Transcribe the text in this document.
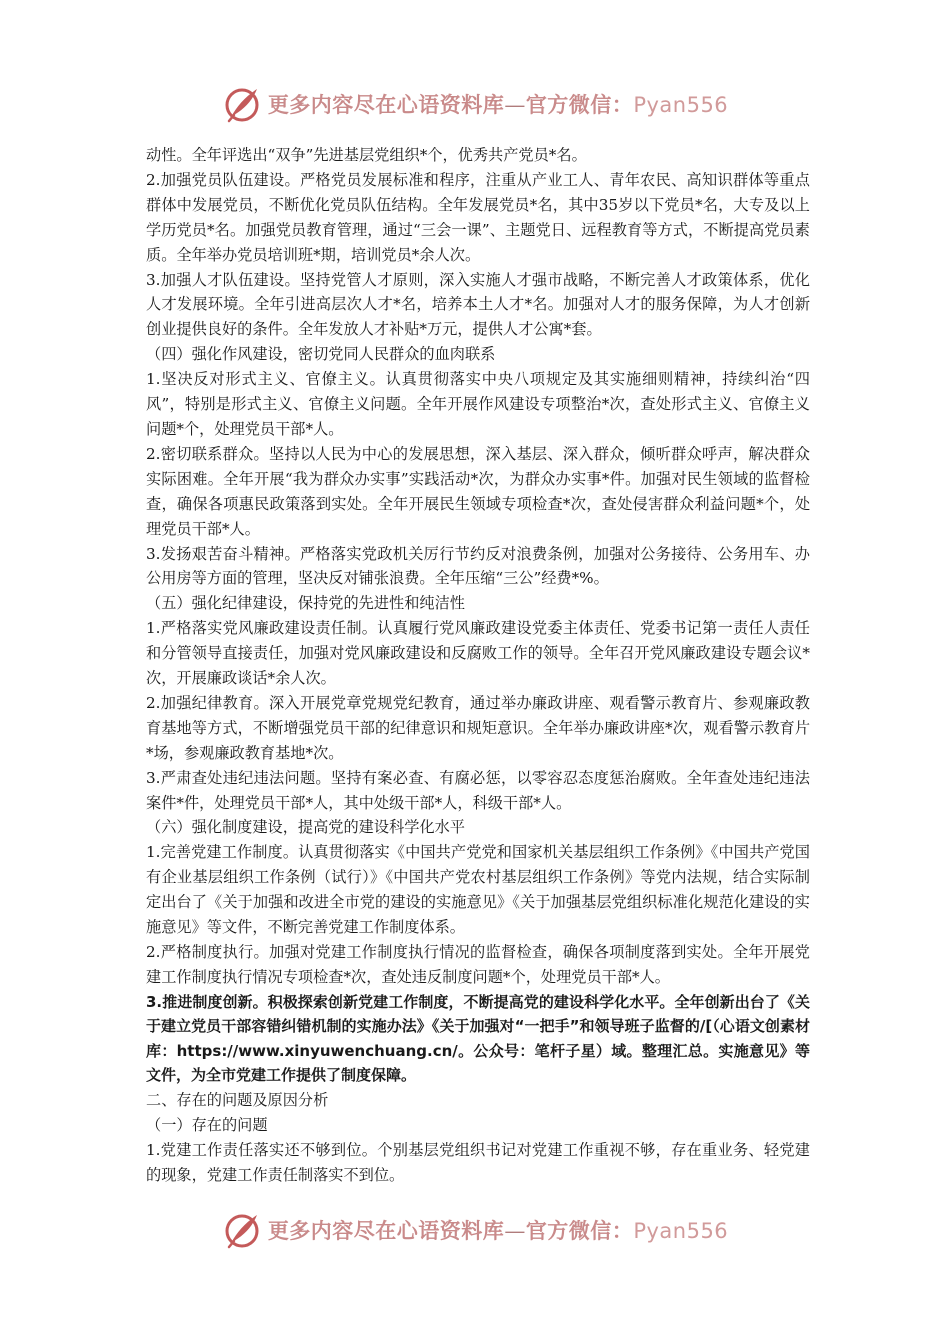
更多内容尽在心语资料库—官方微信：Pyan556

动性。全年评选出“双争”先进基层党组织*个，优秀共产党员*名。

2.加强党员队伍建设。严格党员发展标准和程序，注重从产业工人、青年农民、高知识群体等重点群体中发展党员，不断优化党员队伍结构。全年发展党员*名，其中35岁以下党员*名，大专及以上学历党员*名。加强党员教育管理，通过“三会一课”、主题党日、远程教育等方式，不断提高党员素质。全年举办党员培训班*期，培训党员*余人次。

3.加强人才队伍建设。坚持党管人才原则，深入实施人才强市战略，不断完善人才政策体系，优化人才发展环境。全年引进高层次人才*名，培养本土人才*名。加强对人才的服务保障，为人才创新创业提供良好的条件。全年发放人才补贴*万元，提供人才公寓*套。

（四）强化作风建设，密切党同人民群众的血肉联系

1.坚决反对形式主义、官僚主义。认真贯彻落实中央八项规定及其实施细则精神，持续纠治“四风”，特别是形式主义、官僚主义问题。全年开展作风建设专项整治*次，查处形式主义、官僚主义问题*个，处理党员干部*人。

2.密切联系群众。坚持以人民为中心的发展思想，深入基层、深入群众，倾听群众呼声，解决群众实际困难。全年开展“我为群众办实事”实践活动*次，为群众办实事*件。加强对民生领域的监督检查，确保各项惠民政策落到实处。全年开展民生领域专项检查*次，查处侵害群众利益问题*个，处理党员干部*人。

3.发扬艰苦奋斗精神。严格落实党政机关厉行节约反对浪费条例，加强对公务接待、公务用车、办公用房等方面的管理，坚决反对铺张浪费。全年压缩“三公”经费*%。

（五）强化纪律建设，保持党的先进性和纯洁性

1.严格落实党风廉政建设责任制。认真履行党风廉政建设党委主体责任、党委书记第一责任人责任和分管领导直接责任，加强对党风廉政建设和反腐败工作的领导。全年召开党风廉政建设专题会议*次，开展廉政谈话*余人次。

2.加强纪律教育。深入开展党章党规党纪教育，通过举办廉政讲座、观看警示教育片、参观廉政教育基地等方式，不断增强党员干部的纪律意识和规矩意识。全年举办廉政讲座*次，观看警示教育片*场，参观廉政教育基地*次。

3.严肃查处违纪违法问题。坚持有案必查、有腐必惩，以零容忍态度惩治腐败。全年查处违纪违法案件*件，处理党员干部*人，其中处级干部*人，科级干部*人。

（六）强化制度建设，提高党的建设科学化水平

1.完善党建工作制度。认真贯彻落实《中国共产党党和国家机关基层组织工作条例》《中国共产党国有企业基层组织工作条例（试行）》《中国共产党农村基层组织工作条例》等党内法规，结合实际制定出台了《关于加强和改进全市党的建设的实施意见》《关于加强基层党组织标准化规范化建设的实施意见》等文件，不断完善党建工作制度体系。

2.严格制度执行。加强对党建工作制度执行情况的监督检查，确保各项制度落到实处。全年开展党建工作制度执行情况专项检查*次，查处违反制度问题*个，处理党员干部*人。

3.推进制度创新。积极探索创新党建工作制度，不断提高党的建设科学化水平。全年创新出台了《关于建立党员干部容错纠错机制的实施办法》《关于加强对“一把手”和领导班子监督的/[（心语文创素材库：https://www.xinyuwenchuang.cn/。公众号：笔杆子星）域。整理汇总。实施意见》等文件，为全市党建工作提供了制度保障。

二、存在的问题及原因分析

（一）存在的问题

1.党建工作责任落实还不够到位。个别基层党组织书记对党建工作重视不够，存在重业务、轻党建的现象，党建工作责任制落实不到位。

更多内容尽在心语资料库—官方微信：Pyan556
